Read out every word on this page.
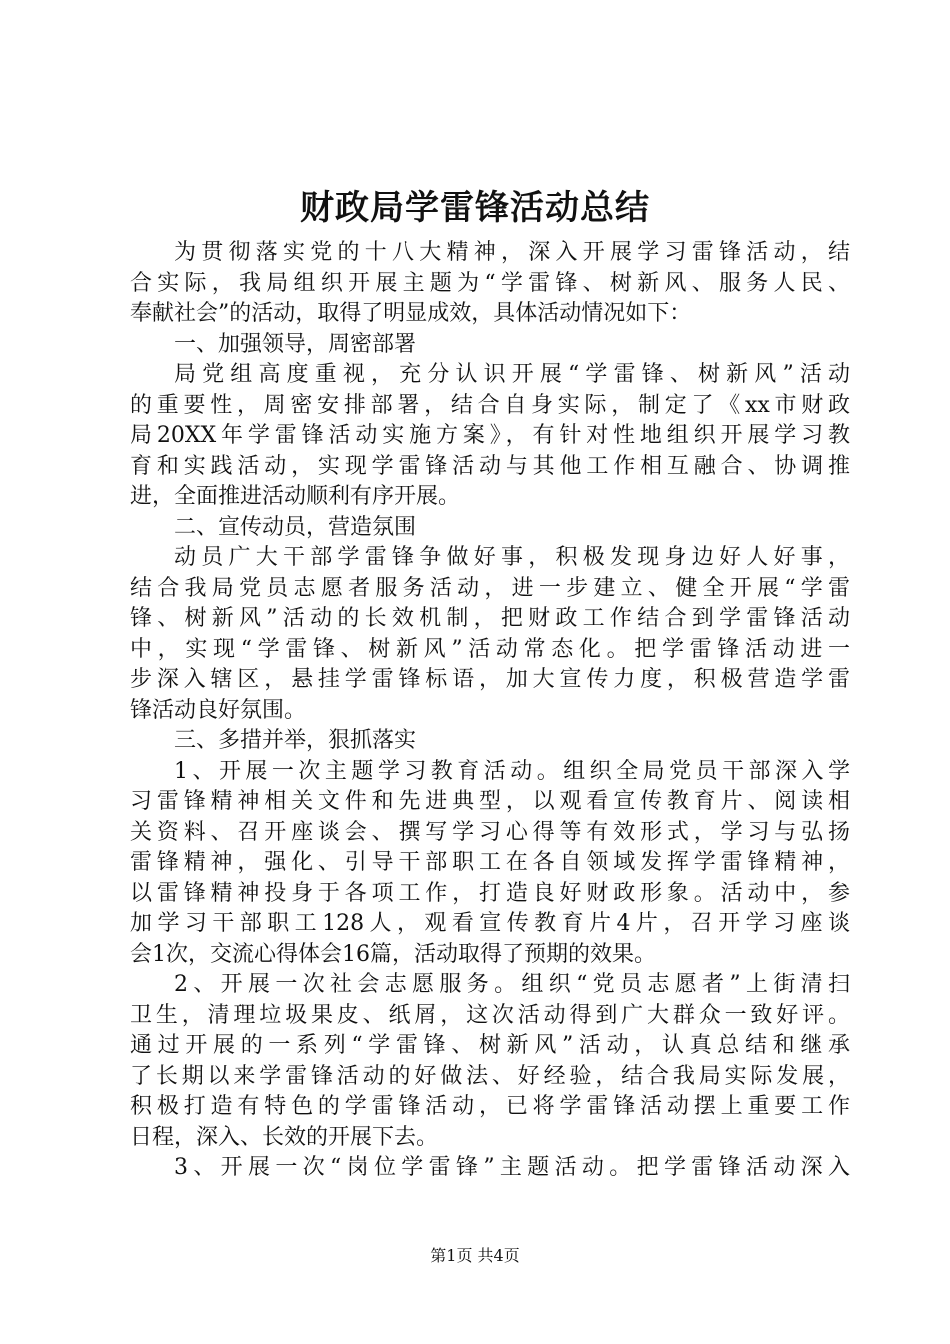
财政局学雷锋活动总结
为贯彻落实党的十八大精神，深入开展学习雷锋活动，结
合实际，我局组织开展主题为“学雷锋、树新风、服务人民、
奉献社会”的活动，取得了明显成效，具体活动情况如下：
一、加强领导，周密部署
局党组高度重视，充分认识开展“学雷锋、树新风”活动
的重要性，周密安排部署，结合自身实际，制定了《xx市财政
局20XX年学雷锋活动实施方案》，有针对性地组织开展学习教
育和实践活动，实现学雷锋活动与其他工作相互融合、协调推
进，全面推进活动顺利有序开展。
二、宣传动员，营造氛围
动员广大干部学雷锋争做好事，积极发现身边好人好事，
结合我局党员志愿者服务活动，进一步建立、健全开展“学雷
锋、树新风”活动的长效机制，把财政工作结合到学雷锋活动
中，实现“学雷锋、树新风”活动常态化。把学雷锋活动进一
步深入辖区，悬挂学雷锋标语，加大宣传力度，积极营造学雷
锋活动良好氛围。
三、多措并举，狠抓落实
1、开展一次主题学习教育活动。组织全局党员干部深入学
习雷锋精神相关文件和先进典型，以观看宣传教育片、阅读相
关资料、召开座谈会、撰写学习心得等有效形式，学习与弘扬
雷锋精神，强化、引导干部职工在各自领域发挥学雷锋精神，
以雷锋精神投身于各项工作，打造良好财政形象。活动中，参
加学习干部职工128人，观看宣传教育片4片，召开学习座谈
会1次，交流心得体会16篇，活动取得了预期的效果。
2、开展一次社会志愿服务。组织“党员志愿者”上街清扫
卫生，清理垃圾果皮、纸屑，这次活动得到广大群众一致好评。
通过开展的一系列“学雷锋、树新风”活动，认真总结和继承
了长期以来学雷锋活动的好做法、好经验，结合我局实际发展，
积极打造有特色的学雷锋活动，已将学雷锋活动摆上重要工作
日程，深入、长效的开展下去。
3、开展一次“岗位学雷锋”主题活动。把学雷锋活动深入
第1页 共4页
